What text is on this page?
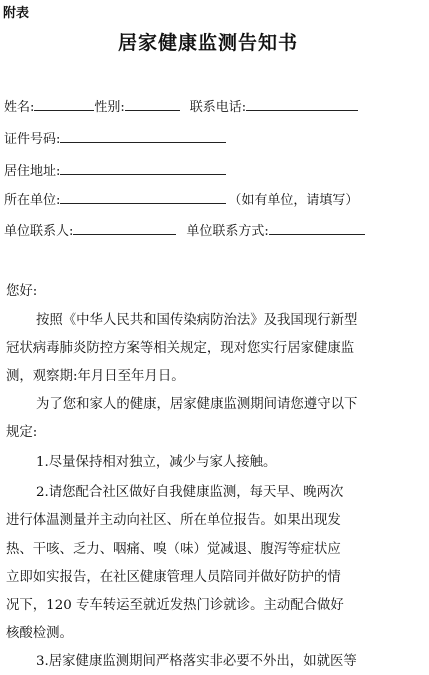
附表
居家健康监测告知书
姓名:	性别:	联系电话:
证件号码:
居住地址:
所在单位:	（如有单位，请填写）
单位联系人:	单位联系方式:
您好:
按照《中华人民共和国传染病防治法》及我国现行新型
冠状病毒肺炎防控方案等相关规定，现对您实行居家健康监
测，观察期:年月日至年月日。
为了您和家人的健康，居家健康监测期间请您遵守以下
规定:
1.尽量保持相对独立，减少与家人接触。
2.请您配合社区做好自我健康监测，每天早、晚两次
进行体温测量并主动向社区、所在单位报告。如果出现发
热、干咳、乏力、咽痛、嗅（味）觉减退、腹泻等症状应
立即如实报告，在社区健康管理人员陪同并做好防护的情
况下，120 专车转运至就近发热门诊就诊。主动配合做好
核酸检测。
3.居家健康监测期间严格落实非必要不外出，如就医等
